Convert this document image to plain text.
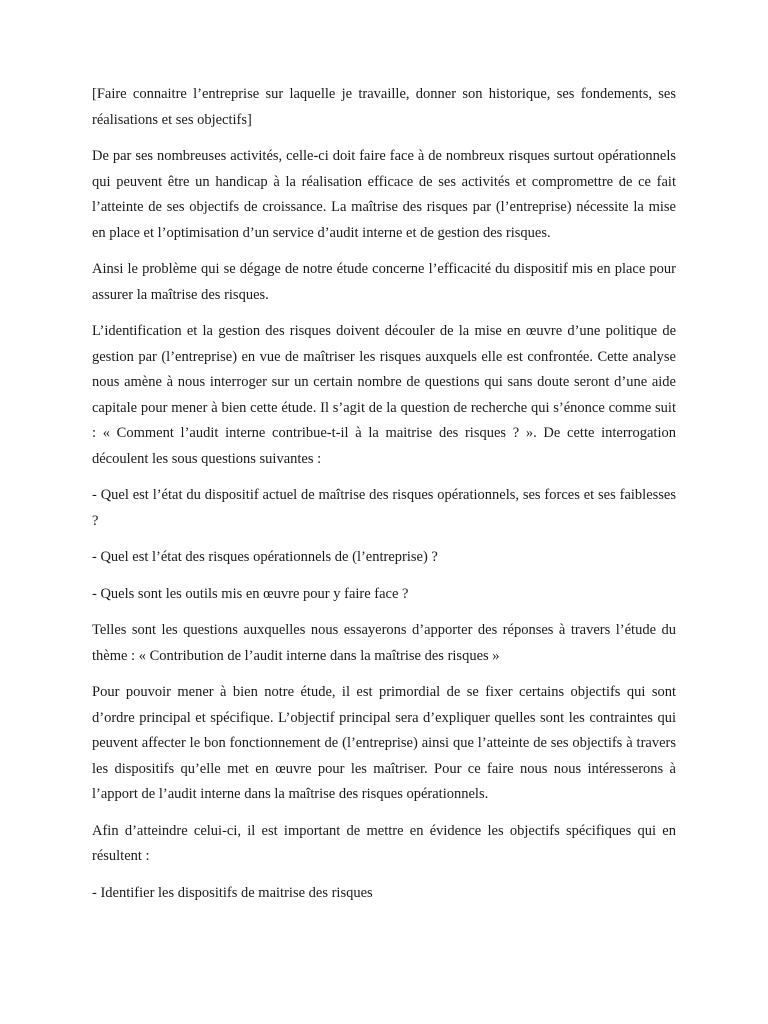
[Faire connaitre l’entreprise sur laquelle je travaille, donner son historique, ses fondements, ses réalisations et ses objectifs]

De par ses nombreuses activités, celle-ci doit faire face à de nombreux risques surtout opérationnels qui peuvent être un handicap à la réalisation efficace de ses activités et compromettre de ce fait l’atteinte de ses objectifs de croissance. La maîtrise des risques par (l’entreprise) nécessite la mise en place et l’optimisation d’un service d’audit interne et de gestion des risques.

Ainsi le problème qui se dégage de notre étude concerne l’efficacité du dispositif mis en place pour assurer la maîtrise des risques.

L’identification et la gestion des risques doivent découler de la mise en œuvre d’une politique de gestion par (l’entreprise) en vue de maîtriser les risques auxquels elle est confrontée. Cette analyse nous amène à nous interroger sur un certain nombre de questions qui sans doute seront d’une aide capitale pour mener à bien cette étude. Il s’agit de la question de recherche qui s’énonce comme suit : « Comment l’audit interne contribue-t-il à la maitrise des risques ? ». De cette interrogation découlent les sous questions suivantes :

- Quel est l’état du dispositif actuel de maîtrise des risques opérationnels, ses forces et ses faiblesses ?

- Quel est l’état des risques opérationnels de (l’entreprise) ?

- Quels sont les outils mis en œuvre pour y faire face ?

Telles sont les questions auxquelles nous essayerons d’apporter des réponses à travers l’étude du thème : « Contribution de l’audit interne dans la maîtrise des risques »

Pour pouvoir mener à bien notre étude, il est primordial de se fixer certains objectifs qui sont d’ordre principal et spécifique. L’objectif principal sera d’expliquer quelles sont les contraintes qui peuvent affecter le bon fonctionnement de (l’entreprise) ainsi que l’atteinte de ses objectifs à travers les dispositifs qu’elle met en œuvre pour les maîtriser. Pour ce faire nous nous intéresserons à l’apport de l’audit interne dans la maîtrise des risques opérationnels.

Afin d’atteindre celui-ci, il est important de mettre en évidence les objectifs spécifiques qui en résultent :

- Identifier les dispositifs de maitrise des risques
